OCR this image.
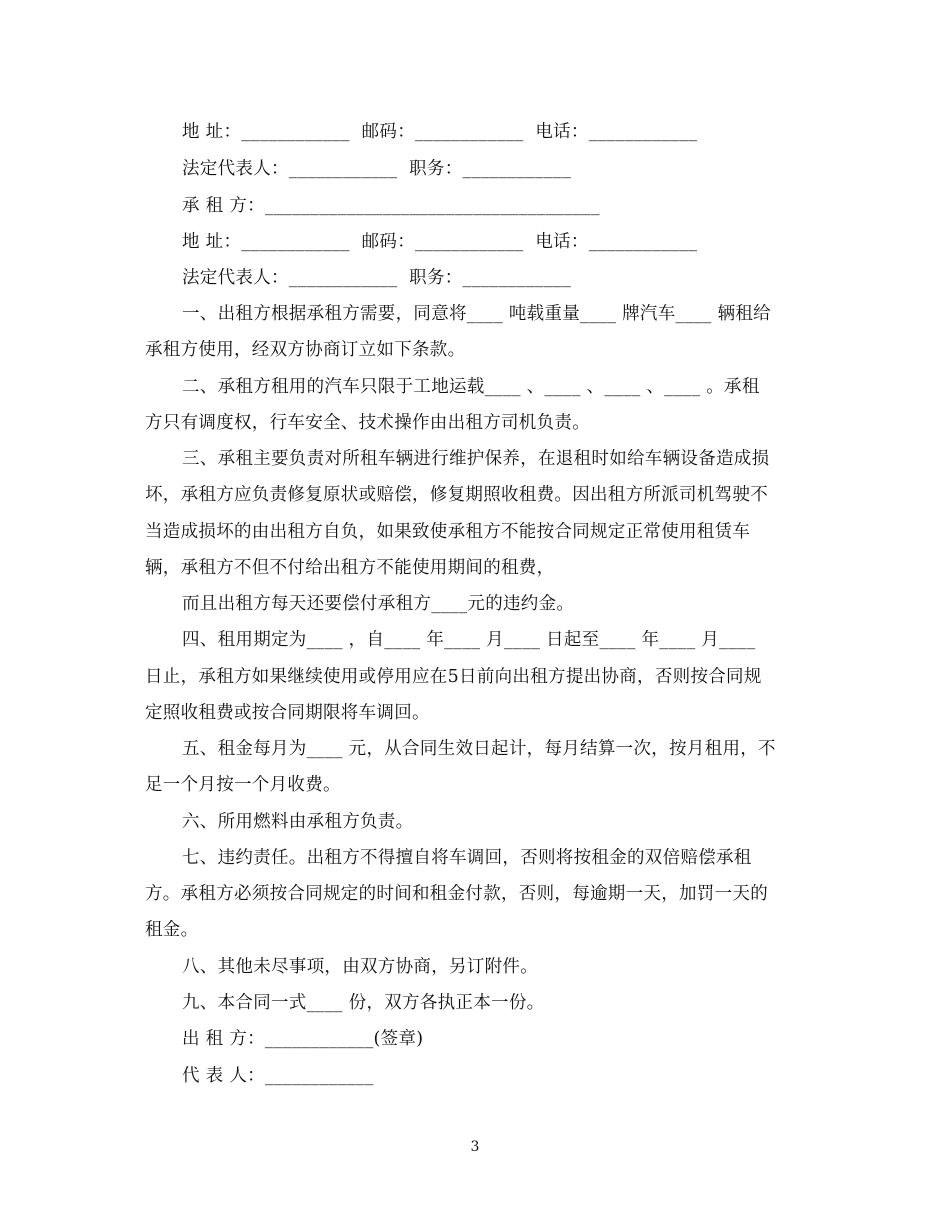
地 址：____________  邮码：____________  电话：____________
法定代表人：____________  职务：____________
承 租 方：_____________________________________
地 址：____________  邮码：____________  电话：____________
法定代表人：____________  职务：____________
一、出租方根据承租方需要，同意将____ 吨载重量____ 牌汽车____ 辆租给
承租方使用，经双方协商订立如下条款。
二、承租方租用的汽车只限于工地运载____ 、____ 、____ 、____ 。承租
方只有调度权，行车安全、技术操作由出租方司机负责。
三、承租主要负责对所租车辆进行维护保养，在退租时如给车辆设备造成损
坏，承租方应负责修复原状或赔偿，修复期照收租费。因出租方所派司机驾驶不
当造成损坏的由出租方自负，如果致使承租方不能按合同规定正常使用租赁车
辆，承租方不但不付给出租方不能使用期间的租费，
而且出租方每天还要偿付承租方____元的违约金。
四、租用期定为____ ，自____ 年____ 月____ 日起至____ 年____ 月____
日止，承租方如果继续使用或停用应在5日前向出租方提出协商，否则按合同规
定照收租费或按合同期限将车调回。
五、租金每月为____ 元，从合同生效日起计，每月结算一次，按月租用，不
足一个月按一个月收费。
六、所用燃料由承租方负责。
七、违约责任。出租方不得擅自将车调回，否则将按租金的双倍赔偿承租
方。承租方必须按合同规定的时间和租金付款，否则，每逾期一天，加罚一天的
租金。
八、其他未尽事项，由双方协商，另订附件。
九、本合同一式____ 份，双方各执正本一份。
出 租 方：____________(签章)
代 表 人：____________
3
